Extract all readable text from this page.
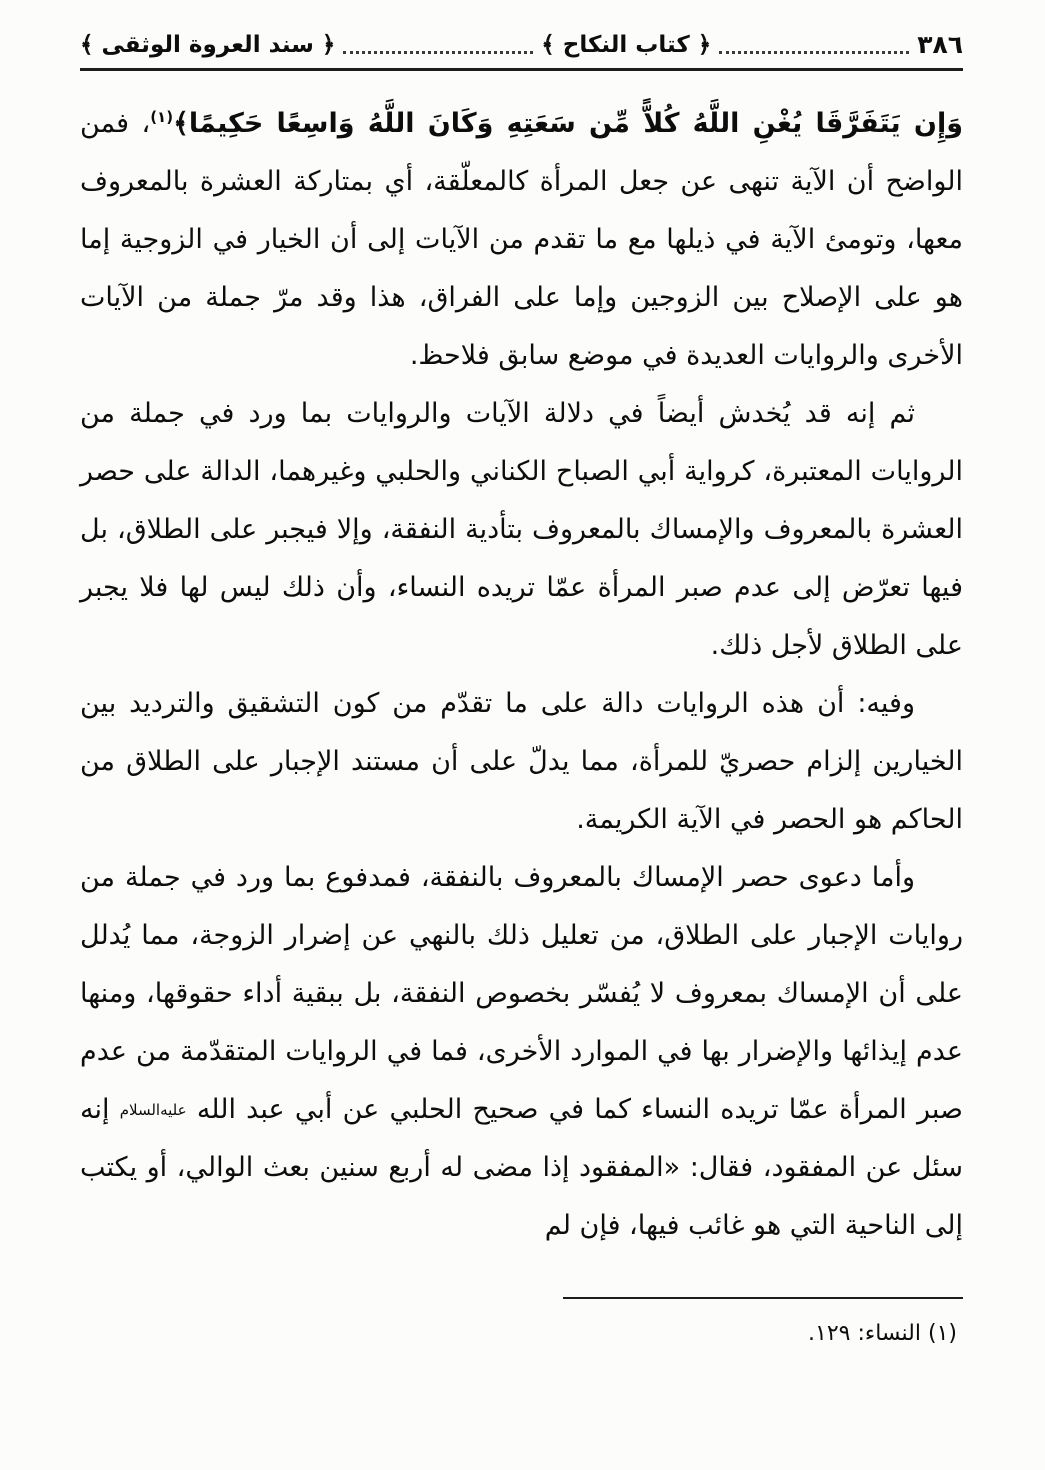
٣٨٦
﴿ كتاب النكاح ﴾
﴿ سند العروة الوثقى ﴾

وَإِن يَتَفَرَّقَا يُغْنِ اللَّهُ كُلاًّ مِّن سَعَتِهِ وَكَانَ اللَّهُ وَاسِعًا حَكِيمًا﴾$^{(١)}$، فمن الواضح أن الآية تنهى عن جعل المرأة كالمعلّقة، أي بمتاركة العشرة بالمعروف معها، وتومئ الآية في ذيلها مع ما تقدم من الآيات إلى أن الخيار في الزوجية إما هو على الإصلاح بين الزوجين وإما على الفراق، هذا وقد مرّ جملة من الآيات الأخرى والروايات العديدة في موضع سابق فلاحظ.

ثم إنه قد يُخدش أيضاً في دلالة الآيات والروايات بما ورد في جملة من الروايات المعتبرة، كرواية أبي الصباح الكناني والحلبي وغيرهما، الدالة على حصر العشرة بالمعروف والإمساك بالمعروف بتأدية النفقة، وإلا فيجبر على الطلاق، بل فيها تعرّض إلى عدم صبر المرأة عمّا تريده النساء، وأن ذلك ليس لها فلا يجبر على الطلاق لأجل ذلك.

وفيه: أن هذه الروايات دالة على ما تقدّم من كون التشقيق والترديد بين الخيارين إلزام حصريّ للمرأة، مما يدلّ على أن مستند الإجبار على الطلاق من الحاكم هو الحصر في الآية الكريمة.

وأما دعوى حصر الإمساك بالمعروف بالنفقة، فمدفوع بما ورد في جملة من روايات الإجبار على الطلاق، من تعليل ذلك بالنهي عن إضرار الزوجة، مما يُدلل على أن الإمساك بمعروف لا يُفسّر بخصوص النفقة، بل ببقية أداء حقوقها، ومنها عدم إيذائها والإضرار بها في الموارد الأخرى، فما في الروايات المتقدّمة من عدم صبر المرأة عمّا تريده النساء كما في صحيح الحلبي عن أبي عبد الله عليه‌السلام إنه سئل عن المفقود، فقال: «المفقود إذا مضى له أربع سنين بعث الوالي، أو يكتب إلى الناحية التي هو غائب فيها، فإن لم

(١) النساء: ١٢٩.
